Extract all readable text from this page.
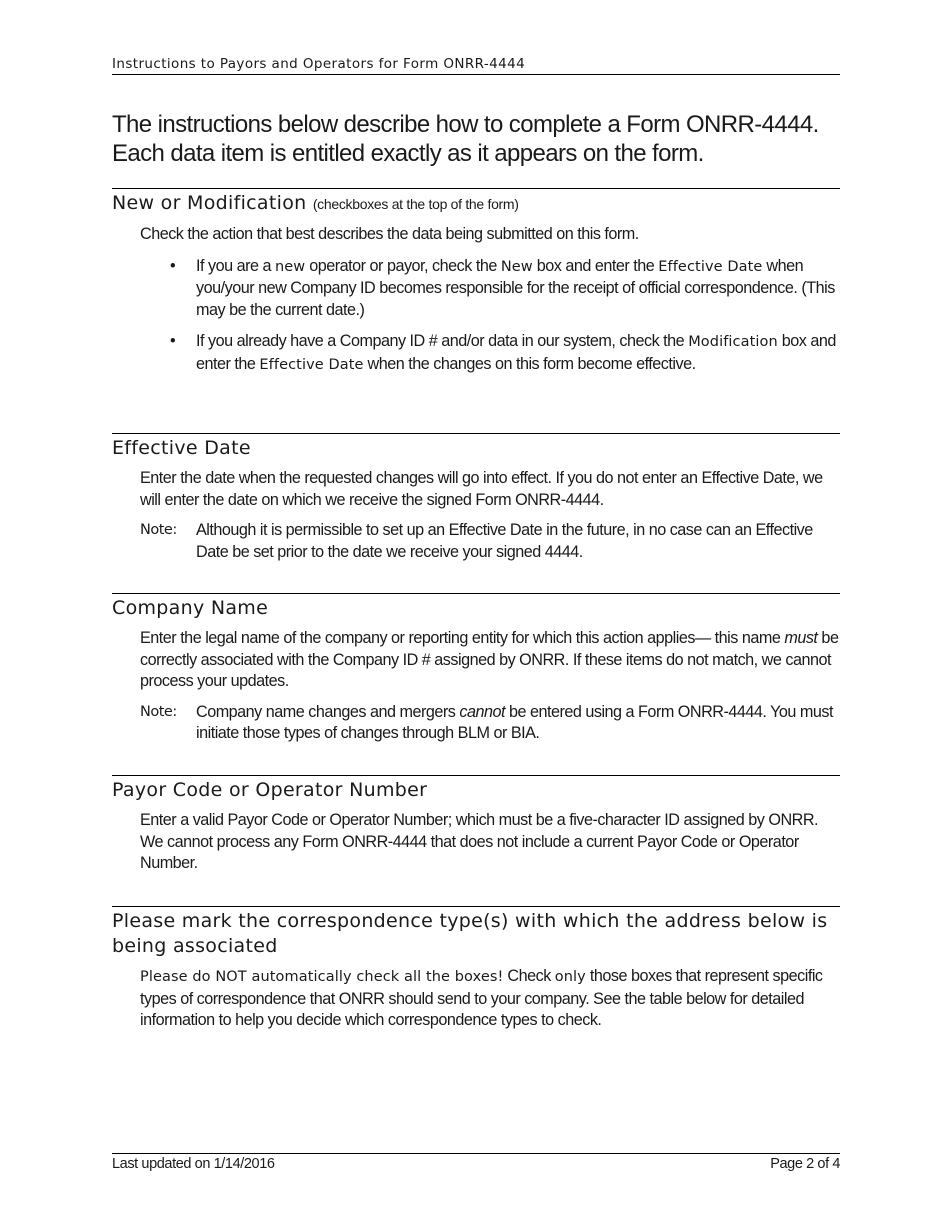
Instructions to Payors and Operators for Form ONRR-4444
The instructions below describe how to complete a Form ONRR-4444.
Each data item is entitled exactly as it appears on the form.
New or Modification (checkboxes at the top of the form)

Check the action that best describes the data being submitted on this form.

• If you are a new operator or payor, check the New box and enter the Effective Date when you/your new Company ID becomes responsible for the receipt of official correspondence. (This may be the current date.)
• If you already have a Company ID # and/or data in our system, check the Modification box and enter the Effective Date when the changes on this form become effective.
Effective Date

Enter the date when the requested changes will go into effect. If you do not enter an Effective Date, we will enter the date on which we receive the signed Form ONRR-4444.

Note: Although it is permissible to set up an Effective Date in the future, in no case can an Effective Date be set prior to the date we receive your signed 4444.
Company Name

Enter the legal name of the company or reporting entity for which this action applies— this name must be correctly associated with the Company ID # assigned by ONRR. If these items do not match, we cannot process your updates.

Note: Company name changes and mergers cannot be entered using a Form ONRR-4444. You must initiate those types of changes through BLM or BIA.
Payor Code or Operator Number

Enter a valid Payor Code or Operator Number; which must be a five-character ID assigned by ONRR. We cannot process any Form ONRR-4444 that does not include a current Payor Code or Operator Number.

Please mark the correspondence type(s) with which the address below is being associated

Please do NOT automatically check all the boxes! Check only those boxes that represent specific types of correspondence that ONRR should send to your company. See the table below for detailed information to help you decide which correspondence types to check.

Last updated on 1/14/2016	Page 2 of 4
